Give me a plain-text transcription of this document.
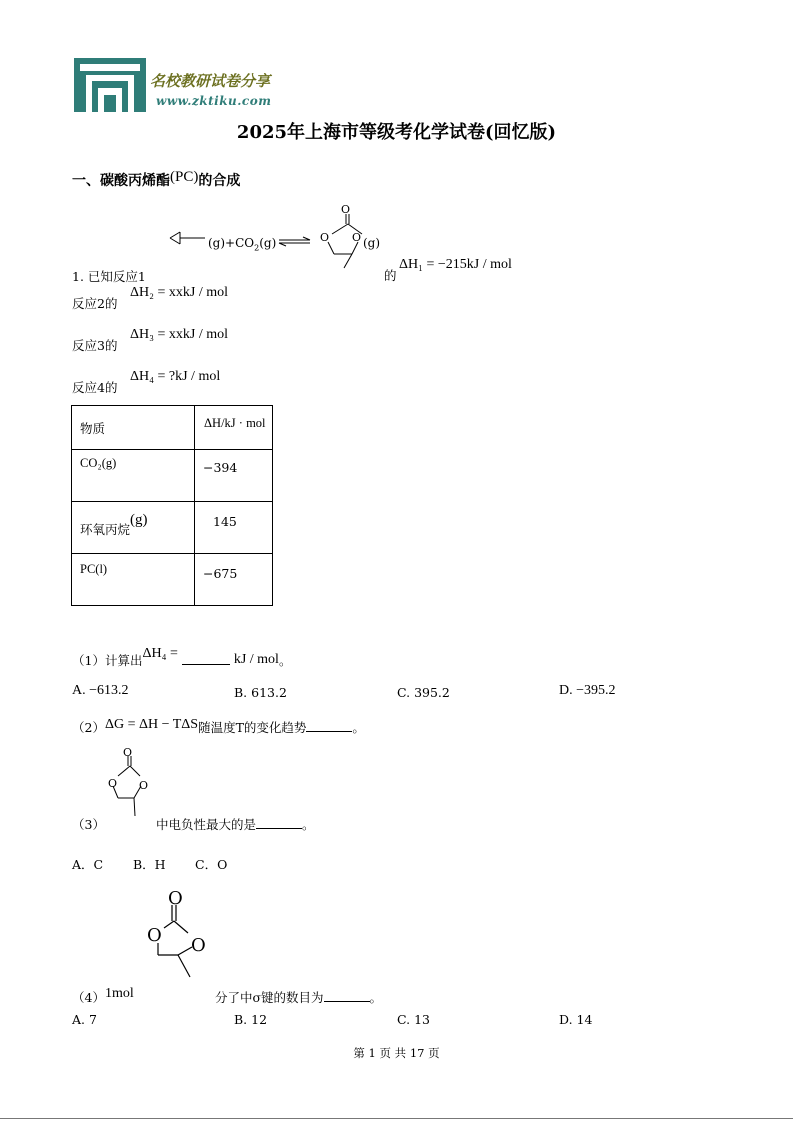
名校教研试卷分享
www.zktiku.com
2025年上海市等级考化学试卷(回忆版)
一、碳酸丙烯酯(PC)的合成
O
O O
$(g)+CO_2(g)$	(g)
1. 已知反应1	的
ΔH₁ = −215kJ / mol
反应2的
ΔH₂ = xxkJ / mol
反应3的
ΔH₃ = xxkJ / mol
反应4的
ΔH₄ = ?kJ / mol
物质	ΔH/kJ · mol
CO₂(g)	−394
环氧丙烷(g)	145
PC(l)	−675
（1）计算出ΔH₄ =	kJ / mol。
A. −613.2	B. 613.2	C. 395.2	D. −395.2
（2）ΔG = ΔH − TΔS随温度T的变化趋势	。
O
O O
（3）	中电负性最大的是	。
A．C B．H C．O
O
O O
（4）1mol	分了中σ键的数目为	。
A. 7	B. 12	C. 13	D. 14
第 1 页 共 17 页
